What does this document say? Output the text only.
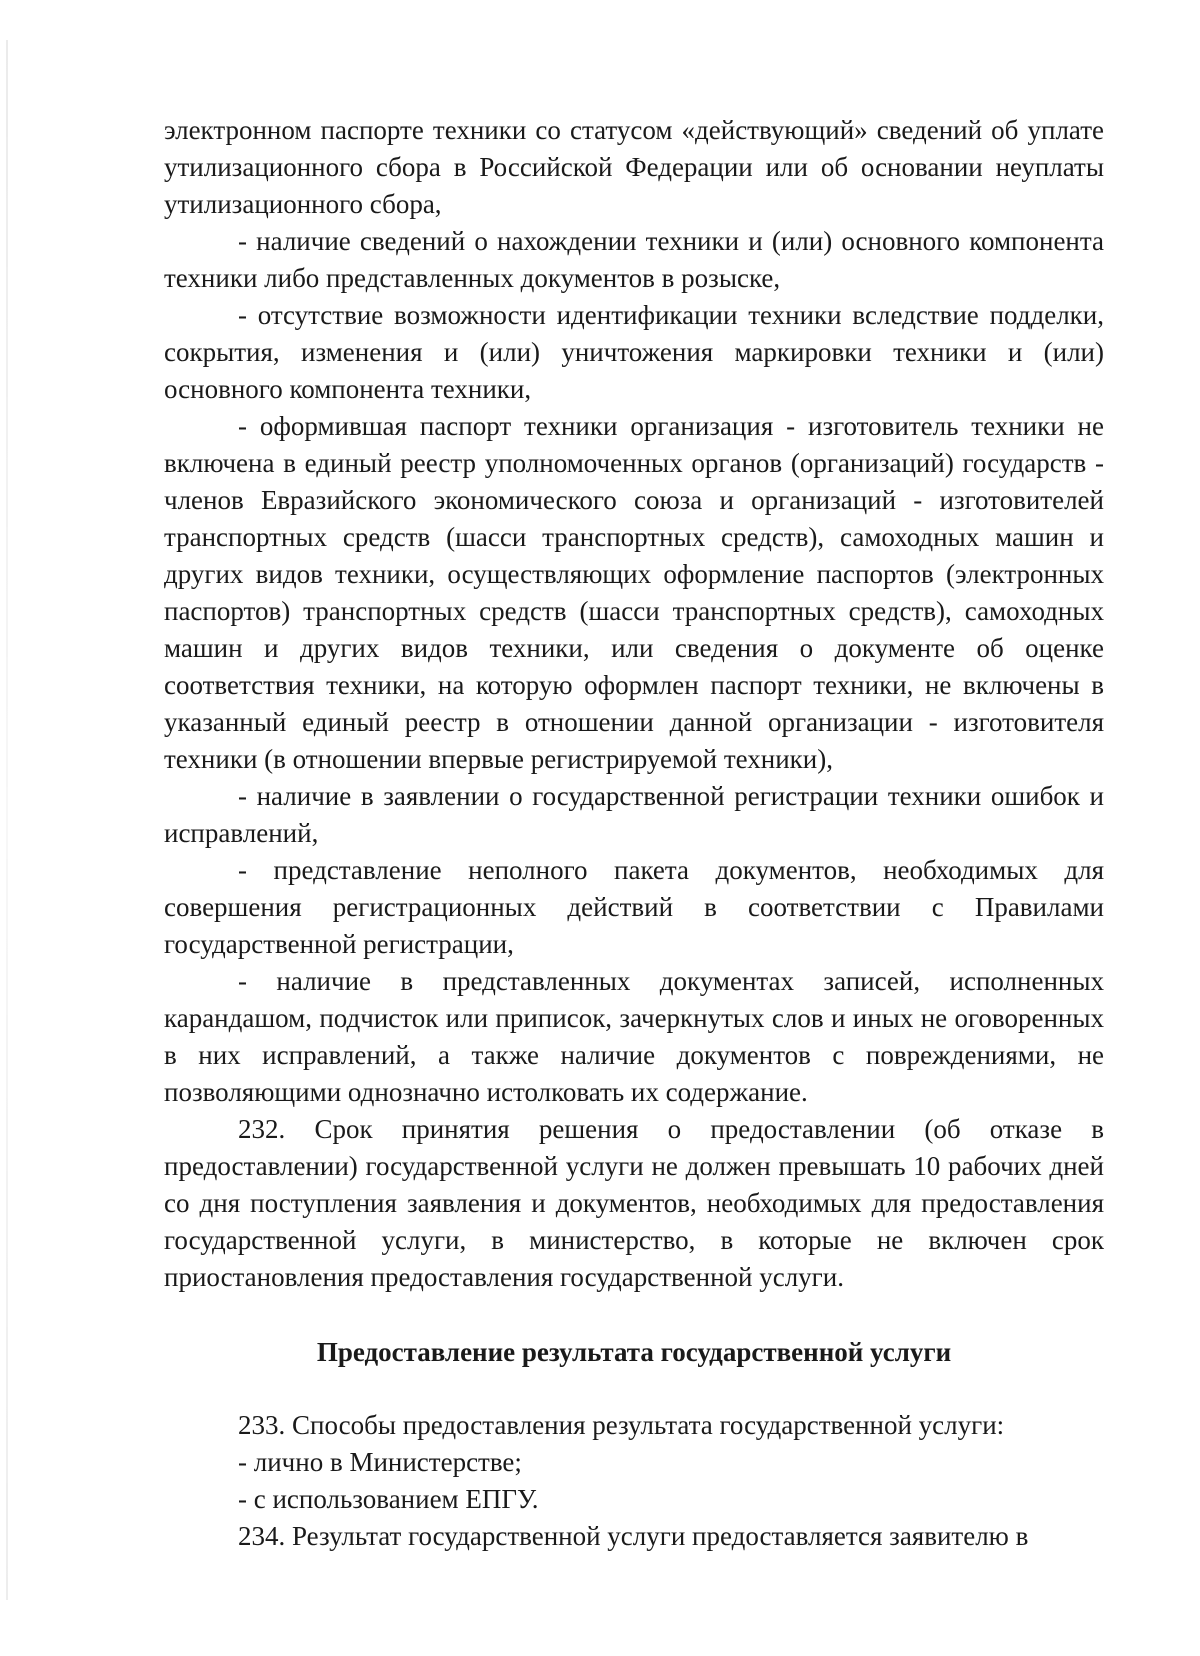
электронном паспорте техники со статусом «действующий» сведений об уплате утилизационного сбора в Российской Федерации или об основании неуплаты утилизационного сбора,

- наличие сведений о нахождении техники и (или) основного компонента техники либо представленных документов в розыске,

- отсутствие возможности идентификации техники вследствие подделки, сокрытия, изменения и (или) уничтожения маркировки техники и (или) основного компонента техники,

- оформившая паспорт техники организация - изготовитель техники не включена в единый реестр уполномоченных органов (организаций) государств - членов Евразийского экономического союза и организаций - изготовителей транспортных средств (шасси транспортных средств), самоходных машин и других видов техники, осуществляющих оформление паспортов (электронных паспортов) транспортных средств (шасси транспортных средств), самоходных машин и других видов техники, или сведения о документе об оценке соответствия техники, на которую оформлен паспорт техники, не включены в указанный единый реестр в отношении данной организации - изготовителя техники (в отношении впервые регистрируемой техники),

- наличие в заявлении о государственной регистрации техники ошибок и исправлений,

- представление неполного пакета документов, необходимых для совершения регистрационных действий в соответствии с Правилами государственной регистрации,

- наличие в представленных документах записей, исполненных карандашом, подчисток или приписок, зачеркнутых слов и иных не оговоренных в них исправлений, а также наличие документов с повреждениями, не позволяющими однозначно истолковать их содержание.

232. Срок принятия решения о предоставлении (об отказе в предоставлении) государственной услуги не должен превышать 10 рабочих дней со дня поступления заявления и документов, необходимых для предоставления государственной услуги, в министерство, в которые не включен срок приостановления предоставления государственной услуги.

Предоставление результата государственной услуги

233. Способы предоставления результата государственной услуги:

- лично в Министерстве;

- с использованием ЕПГУ.

234. Результат государственной услуги предоставляется заявителю в
